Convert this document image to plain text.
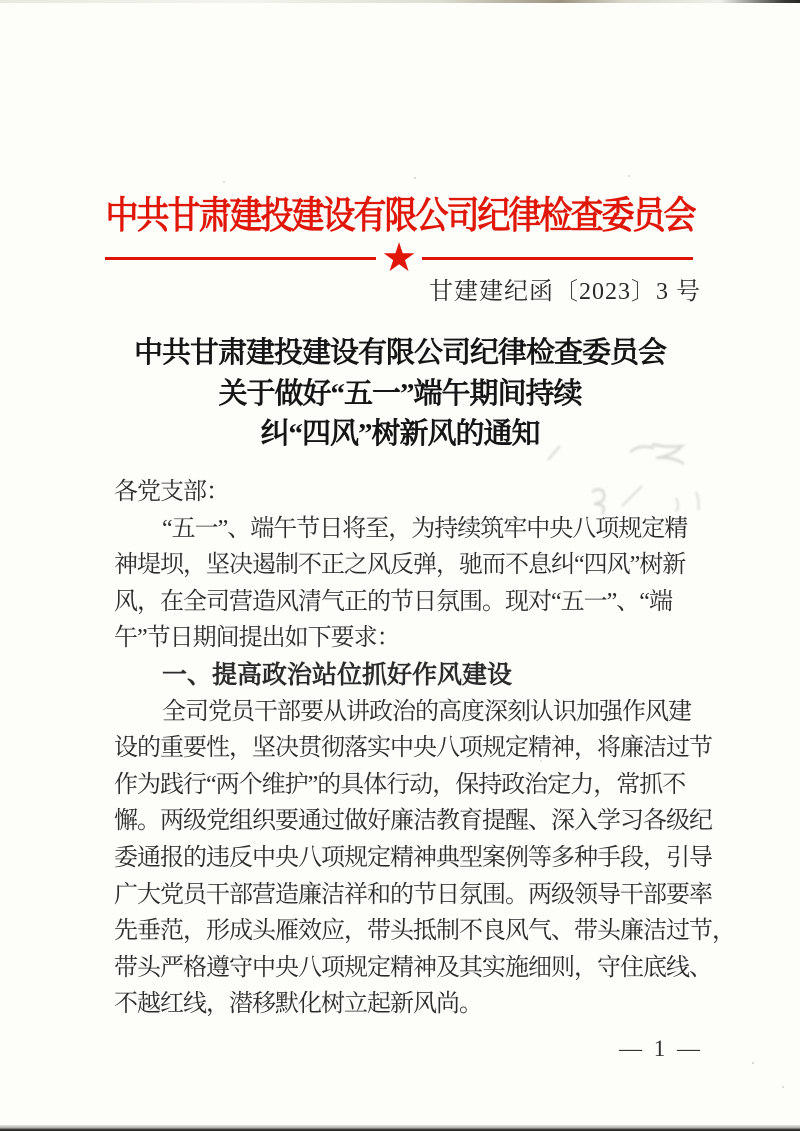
中共甘肃建投建设有限公司纪律检查委员会
★
甘建建纪函〔2023〕3 号
中共甘肃建投建设有限公司纪律检查委员会
关于做好“五一”端午期间持续
纠“四风”树新风的通知
各党支部：
“五一”、端午节日将至，为持续筑牢中央八项规定精
神堤坝，坚决遏制不正之风反弹，驰而不息纠“四风”树新
风，在全司营造风清气正的节日氛围。现对“五一”、“端
午”节日期间提出如下要求：
一、提高政治站位抓好作风建设
全司党员干部要从讲政治的高度深刻认识加强作风建
设的重要性，坚决贯彻落实中央八项规定精神，将廉洁过节
作为践行“两个维护”的具体行动，保持政治定力，常抓不
懈。两级党组织要通过做好廉洁教育提醒、深入学习各级纪
委通报的违反中央八项规定精神典型案例等多种手段，引导
广大党员干部营造廉洁祥和的节日氛围。两级领导干部要率
先垂范，形成头雁效应，带头抵制不良风气、带头廉洁过节，
带头严格遵守中央八项规定精神及其实施细则，守住底线、
不越红线，潜移默化树立起新风尚。
— 1 —
